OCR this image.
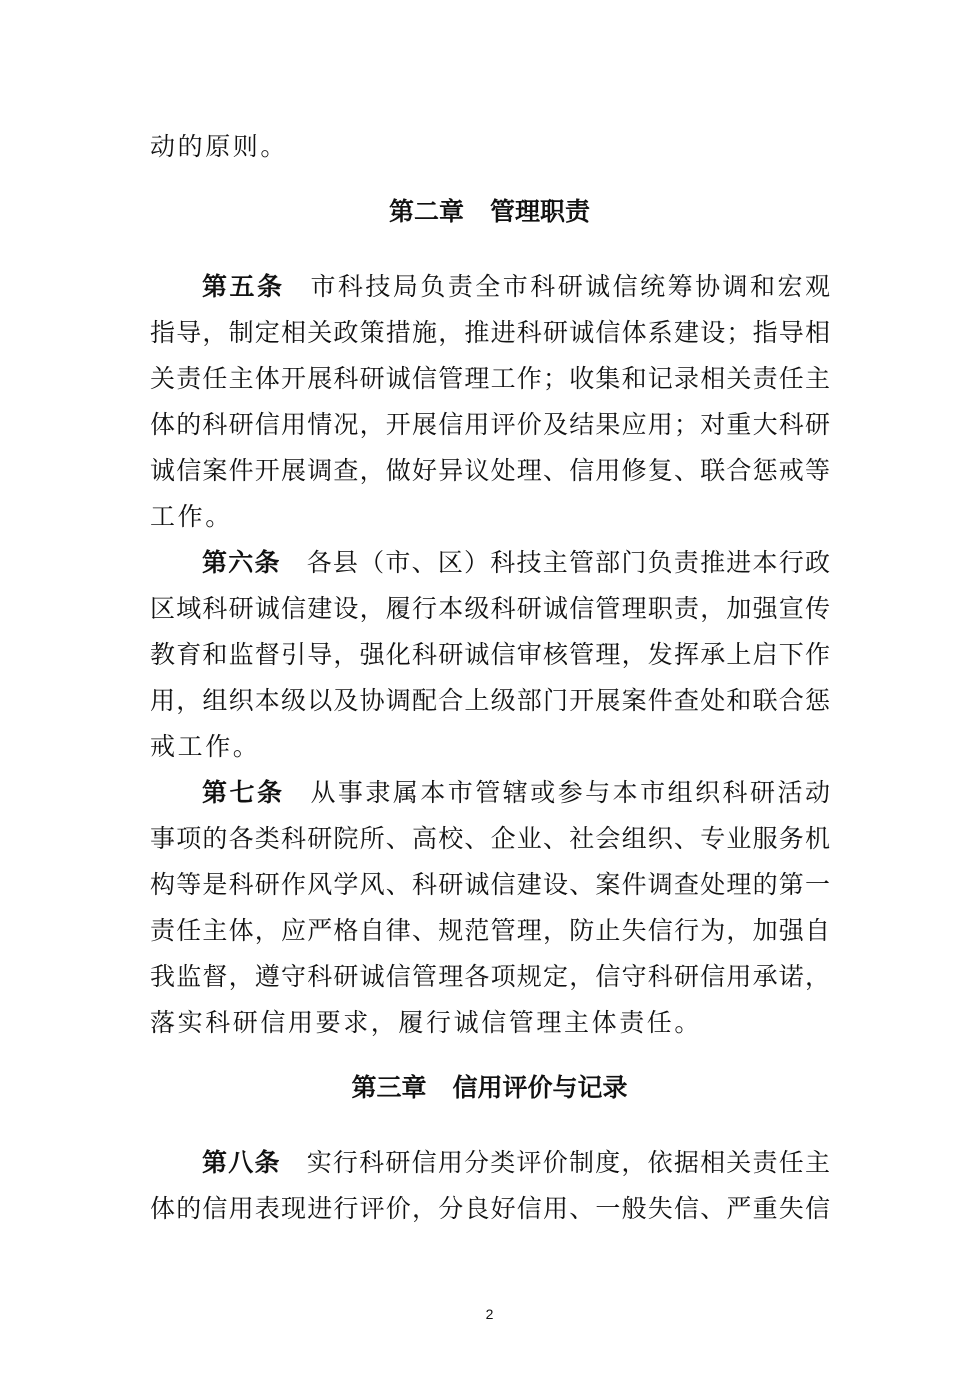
动的原则。
第二章 管理职责
第五条 市科技局负责全市科研诚信统筹协调和宏观
指导，制定相关政策措施，推进科研诚信体系建设；指导相
关责任主体开展科研诚信管理工作；收集和记录相关责任主
体的科研信用情况，开展信用评价及结果应用；对重大科研
诚信案件开展调查，做好异议处理、信用修复、联合惩戒等
工作。
第六条 各县（市、区）科技主管部门负责推进本行政
区域科研诚信建设，履行本级科研诚信管理职责，加强宣传
教育和监督引导，强化科研诚信审核管理，发挥承上启下作
用，组织本级以及协调配合上级部门开展案件查处和联合惩
戒工作。
第七条 从事隶属本市管辖或参与本市组织科研活动
事项的各类科研院所、高校、企业、社会组织、专业服务机
构等是科研作风学风、科研诚信建设、案件调查处理的第一
责任主体，应严格自律、规范管理，防止失信行为，加强自
我监督，遵守科研诚信管理各项规定，信守科研信用承诺，
落实科研信用要求，履行诚信管理主体责任。
第三章 信用评价与记录
第八条 实行科研信用分类评价制度，依据相关责任主
体的信用表现进行评价，分良好信用、一般失信、严重失信
2
